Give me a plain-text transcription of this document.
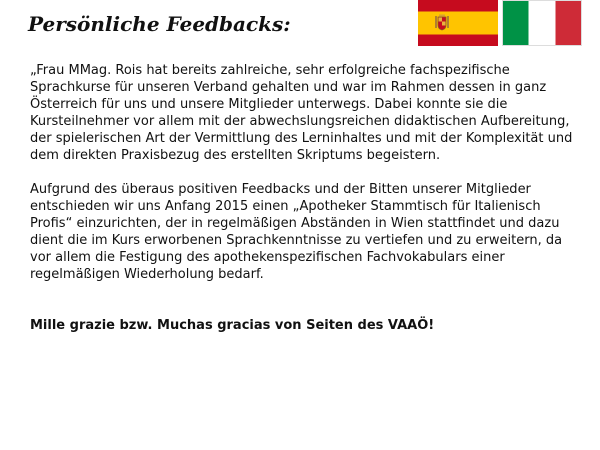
Persönliche Feedbacks:

„Frau MMag. Rois hat bereits zahlreiche, sehr erfolgreiche fachspezifische Sprachkurse für unseren Verband gehalten und war im Rahmen dessen in ganz Österreich für uns und unsere Mitglieder unterwegs. Dabei konnte sie die Kursteilnehmer vor allem mit der abwechslungsreichen didaktischen Aufbereitung, der spielerischen Art der Vermittlung des Lerninhaltes und mit der Komplexität und dem direkten Praxisbezug des erstellten Skriptums begeistern.

Aufgrund des überaus positiven Feedbacks und der Bitten unserer Mitglieder entschieden wir uns Anfang 2015 einen „Apotheker Stammtisch für Italienisch Profis“ einzurichten, der in regelmäßigen Abständen in Wien stattfindet und dazu dient die im Kurs erworbenen Sprachkenntnisse zu vertiefen und zu erweitern, da vor allem die Festigung des apothekenspezifischen Fachvokabulars einer regelmäßigen Wiederholung bedarf.

Mille grazie bzw. Muchas gracias von Seiten des VAAÖ!
